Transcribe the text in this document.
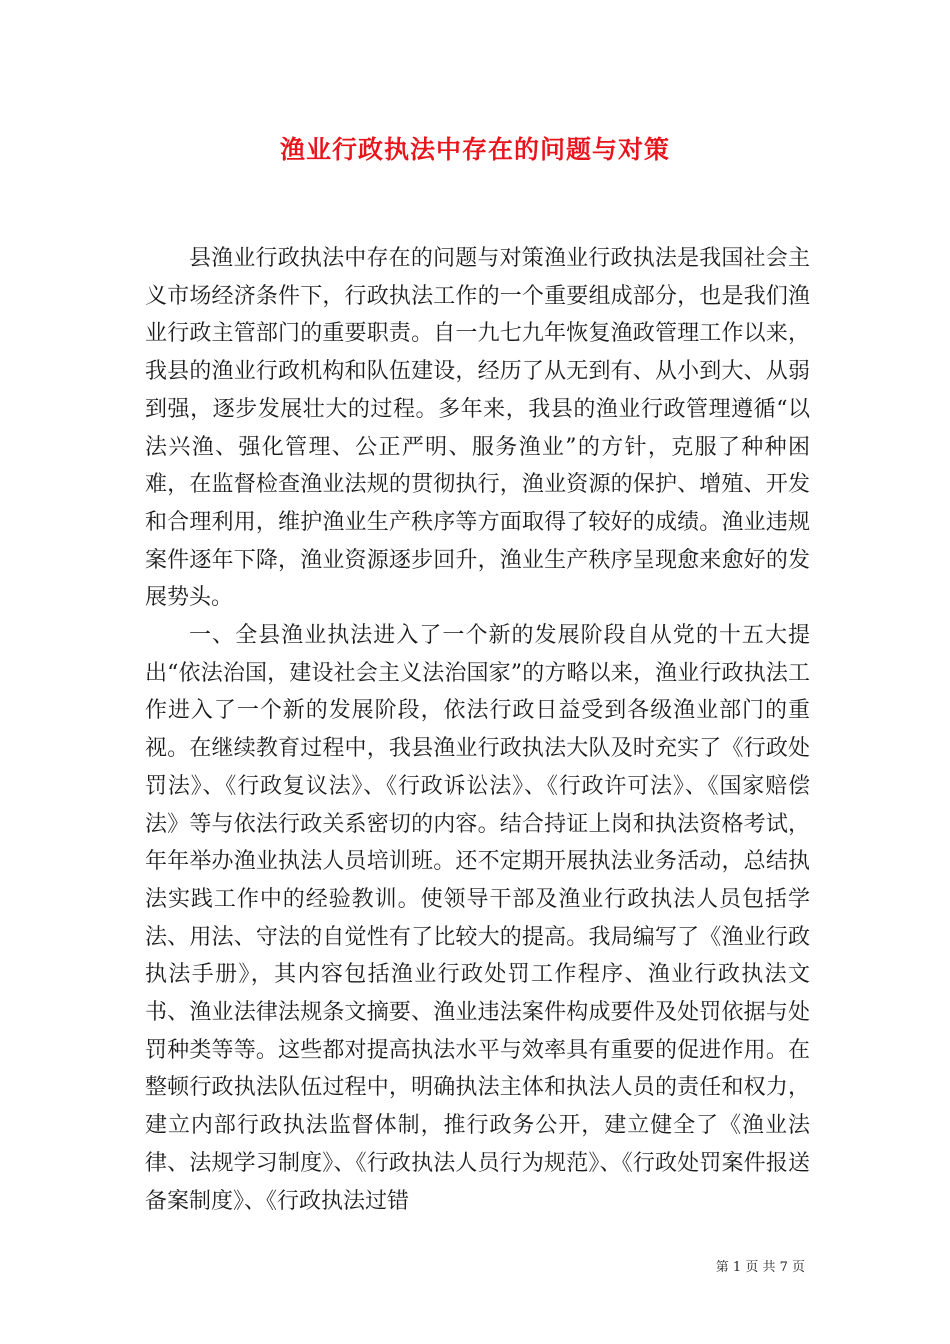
渔业行政执法中存在的问题与对策

县渔业行政执法中存在的问题与对策渔业行政执法是我国社会主义市场经济条件下，行政执法工作的一个重要组成部分，也是我们渔业行政主管部门的重要职责。自一九七九年恢复渔政管理工作以来，我县的渔业行政机构和队伍建设，经历了从无到有、从小到大、从弱到强，逐步发展壮大的过程。多年来，我县的渔业行政管理遵循“以法兴渔、强化管理、公正严明、服务渔业”的方针，克服了种种困难，在监督检查渔业法规的贯彻执行，渔业资源的保护、增殖、开发和合理利用，维护渔业生产秩序等方面取得了较好的成绩。渔业违规案件逐年下降，渔业资源逐步回升，渔业生产秩序呈现愈来愈好的发展势头。

一、全县渔业执法进入了一个新的发展阶段自从党的十五大提出“依法治国，建设社会主义法治国家”的方略以来，渔业行政执法工作进入了一个新的发展阶段，依法行政日益受到各级渔业部门的重视。在继续教育过程中，我县渔业行政执法大队及时充实了《行政处罚法》、《行政复议法》、《行政诉讼法》、《行政许可法》、《国家赔偿法》等与依法行政关系密切的内容。结合持证上岗和执法资格考试，年年举办渔业执法人员培训班。还不定期开展执法业务活动，总结执法实践工作中的经验教训。使领导干部及渔业行政执法人员包括学法、用法、守法的自觉性有了比较大的提高。我局编写了《渔业行政执法手册》，其内容包括渔业行政处罚工作程序、渔业行政执法文书、渔业法律法规条文摘要、渔业违法案件构成要件及处罚依据与处罚种类等等。这些都对提高执法水平与效率具有重要的促进作用。在整顿行政执法队伍过程中，明确执法主体和执法人员的责任和权力，建立内部行政执法监督体制，推行政务公开，建立健全了《渔业法律、法规学习制度》、《行政执法人员行为规范》、《行政处罚案件报送备案制度》、《行政执法过错

第 1 页 共 7 页
